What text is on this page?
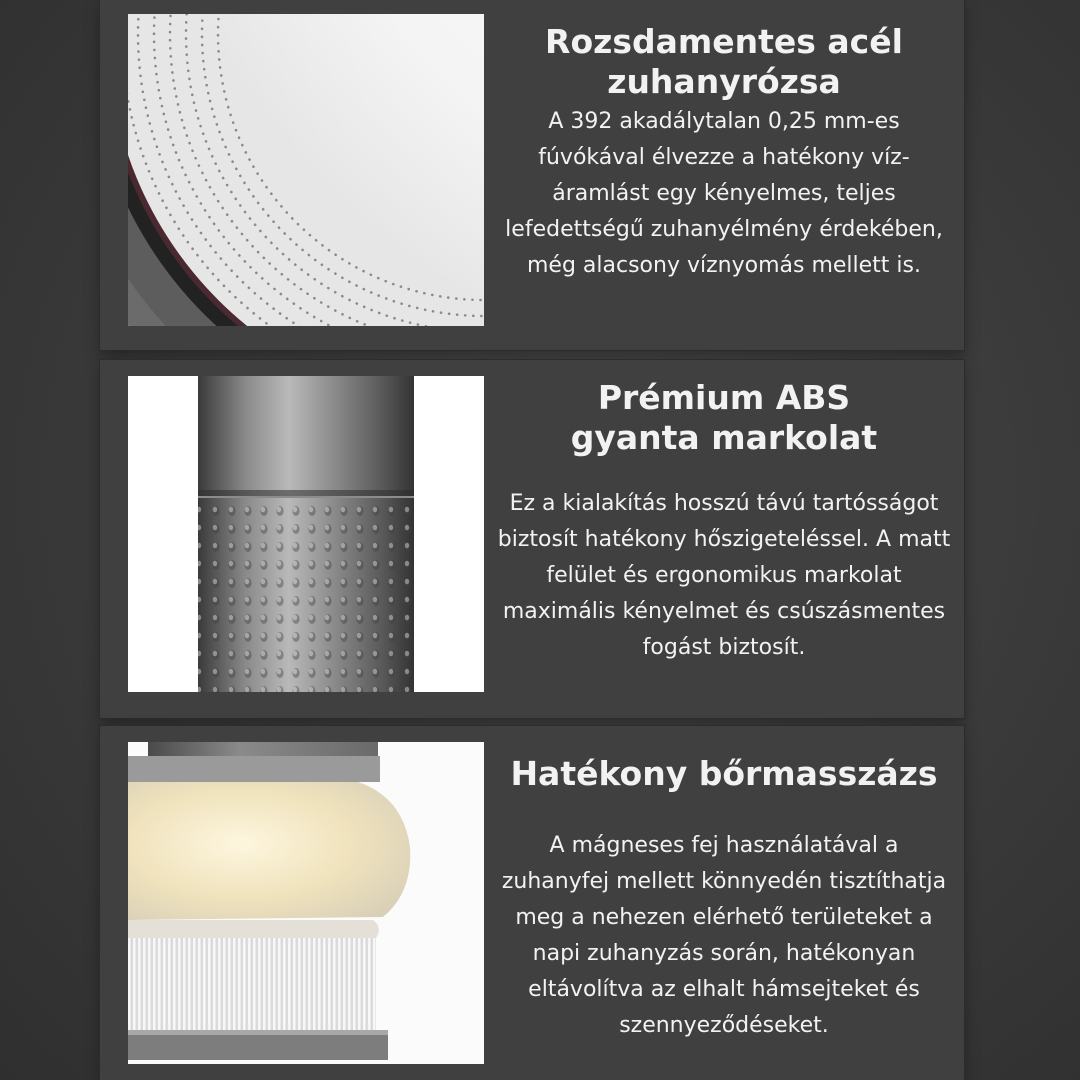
Rozsdamentes acél
zuhanyrózsa

A 392 akadálytalan 0,25 mm-es fúvókával élvezze a hatékony vízáramlást egy kényelmes, teljes lefedettségű zuhanyélmény érdekében, még alacsony víznyomás mellett is.

Prémium ABS
gyanta markolat

Ez a kialakítás hosszú távú tartósságot biztosít hatékony hőszigeteléssel. A matt felület és ergonomikus markolat maximális kényelmet és csúszásmentes fogást biztosít.

Hatékony bőrmasszázs

A mágneses fej használatával a zuhanyfej mellett könnyedén tisztíthatja meg a nehezen elérhető területeket a napi zuhanyzás során, hatékonyan eltávolítva az elhalt hámsejteket és szennyeződéseket.
